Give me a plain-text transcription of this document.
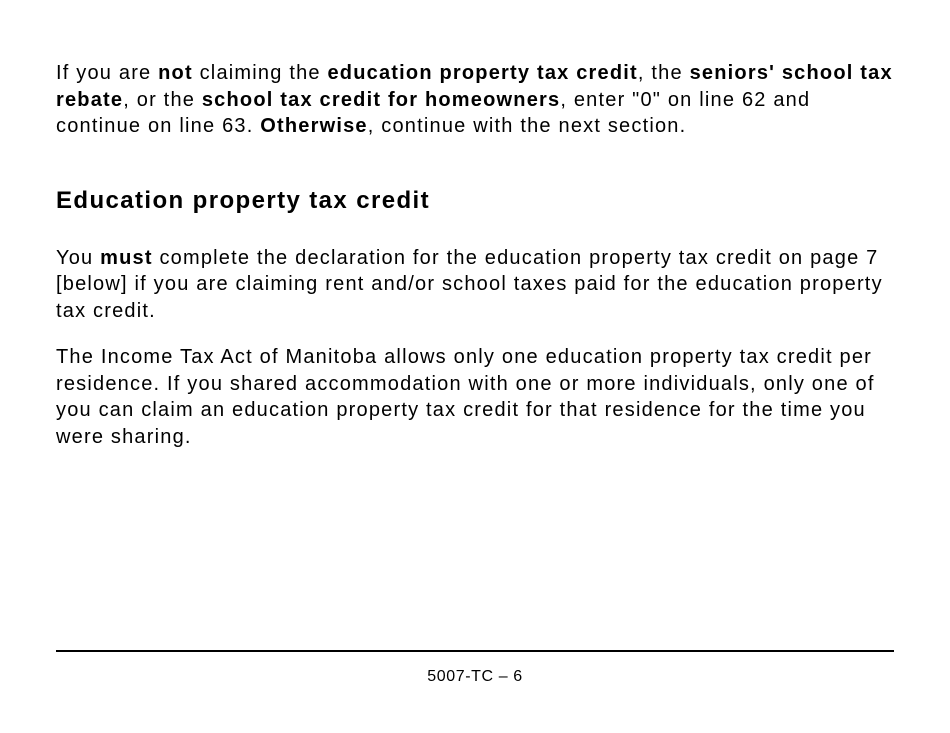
If you are not claiming the education property tax credit, the seniors' school tax rebate, or the school tax credit for homeowners, enter "0" on line 62 and continue on line 63. Otherwise, continue with the next section.

Education property tax credit

You must complete the declaration for the education property tax credit on page 7 [below] if you are claiming rent and/or school taxes paid for the education property tax credit.

The Income Tax Act of Manitoba allows only one education property tax credit per residence. If you shared accommodation with one or more individuals, only one of you can claim an education property tax credit for that residence for the time you were sharing.

5007-TC – 6
